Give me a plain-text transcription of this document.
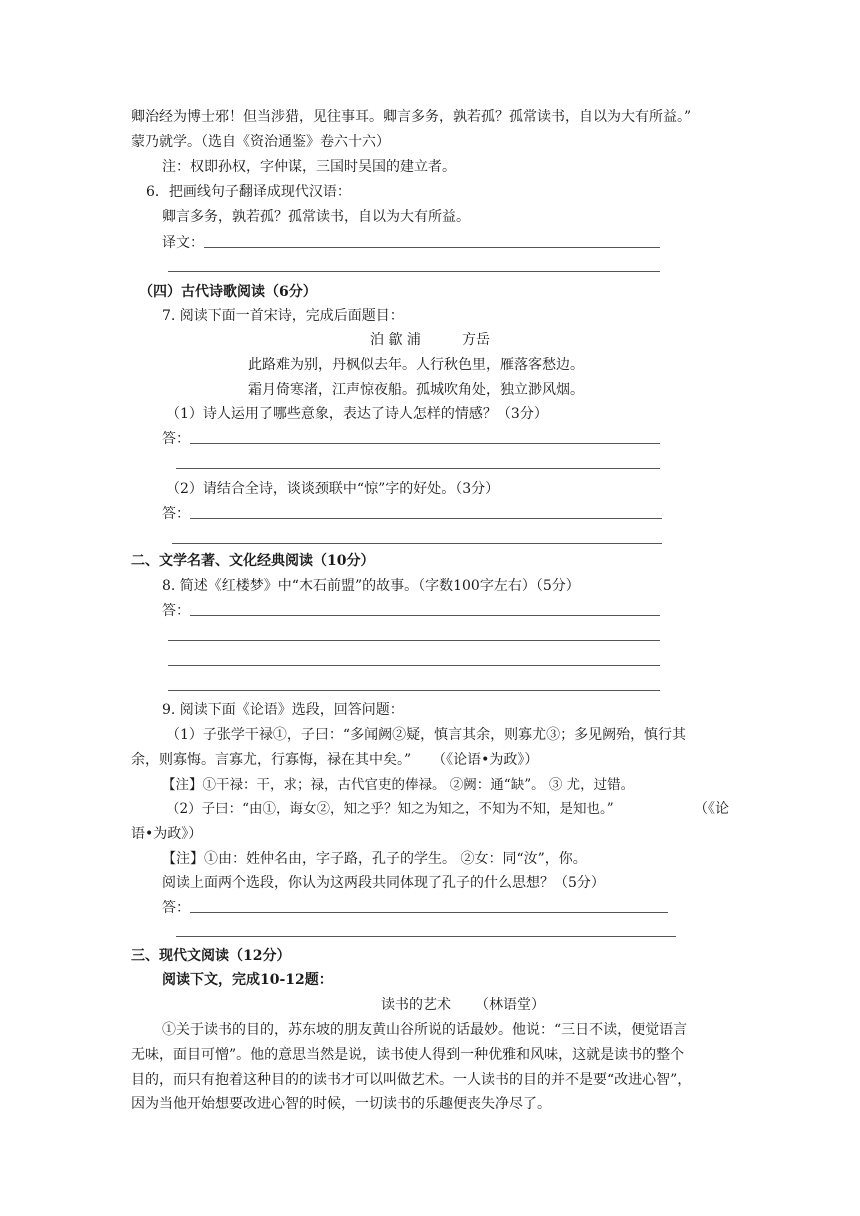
卿治经为博士邪！但当涉猎，见往事耳。卿言多务，孰若孤？孤常读书，自以为大有所益。”
蒙乃就学。（选自《资治通鉴》卷六十六）
注：权即孙权，字仲谋，三国时吴国的建立者。
6．把画线句子翻译成现代汉语：
卿言多务，孰若孤？孤常读书，自以为大有所益。
译文：
（四）古代诗歌阅读（6分）
7. 阅读下面一首宋诗，完成后面题目：
泊 歙 浦	方岳
此路难为别，丹枫似去年。人行秋色里，雁落客愁边。
霜月倚寒渚，江声惊夜船。孤城吹角处，独立渺风烟。
（1）诗人运用了哪些意象，表达了诗人怎样的情感？（3分）
答：
（2）请结合全诗，谈谈颈联中“惊”字的好处。（3分）
答：
二、文学名著、文化经典阅读（10分）
8. 简述《红楼梦》中“木石前盟”的故事。（字数100字左右）（5分）
答：
9. 阅读下面《论语》选段，回答问题：
（1）子张学干禄①，子曰：“多闻阙②疑，慎言其余，则寡尤③；多见阙殆，慎行其
余，则寡悔。言寡尤，行寡悔，禄在其中矣。”　　（《论语•为政》）
【注】①干禄：干，求；禄，古代官吏的俸禄。 ②阙：通“缺”。 ③ 尤，过错。
（2）子曰：“由①，诲女②，知之乎？知之为知之，不知为不知，是知也。”	（《论
语•为政》）
【注】①由：姓仲名由，字子路，孔子的学生。 ②女：同“汝”，你。
阅读上面两个选段，你认为这两段共同体现了孔子的什么思想？（5分）
答：
三、现代文阅读（12分）
阅读下文，完成10-12题：
读书的艺术 （林语堂）
①关于读书的目的，苏东坡的朋友黄山谷所说的话最妙。他说：“三日不读，便觉语言
无味，面目可憎”。他的意思当然是说，读书使人得到一种优雅和风味，这就是读书的整个
目的，而只有抱着这种目的的读书才可以叫做艺术。一人读书的目的并不是要“改进心智”，
因为当他开始想要改进心智的时候，一切读书的乐趣便丧失净尽了。
